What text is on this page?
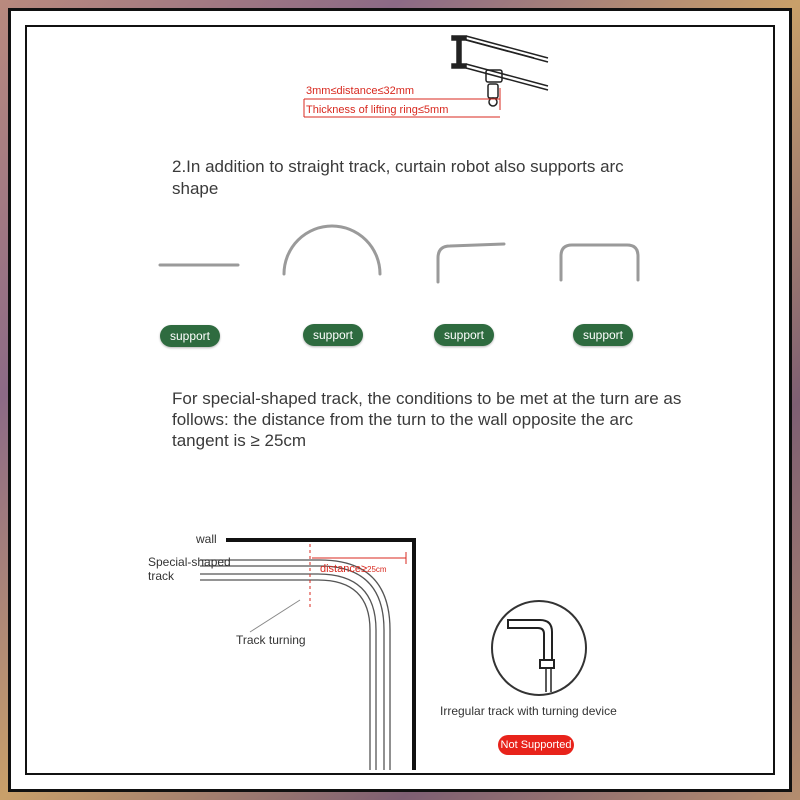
3mm≤distance≤32mm
Thickness of lifting ring≤5mm
2.In addition to straight track, curtain robot also supports arc shape
support	support	support	support
For special-shaped track, the conditions to be met at the turn are as follows: the distance from the turn to the wall opposite the arc tangent is ≥ 25cm
wall
Special-shaped
track	distance≥25cm
Track turning
Irregular track with turning device
Not Supported
